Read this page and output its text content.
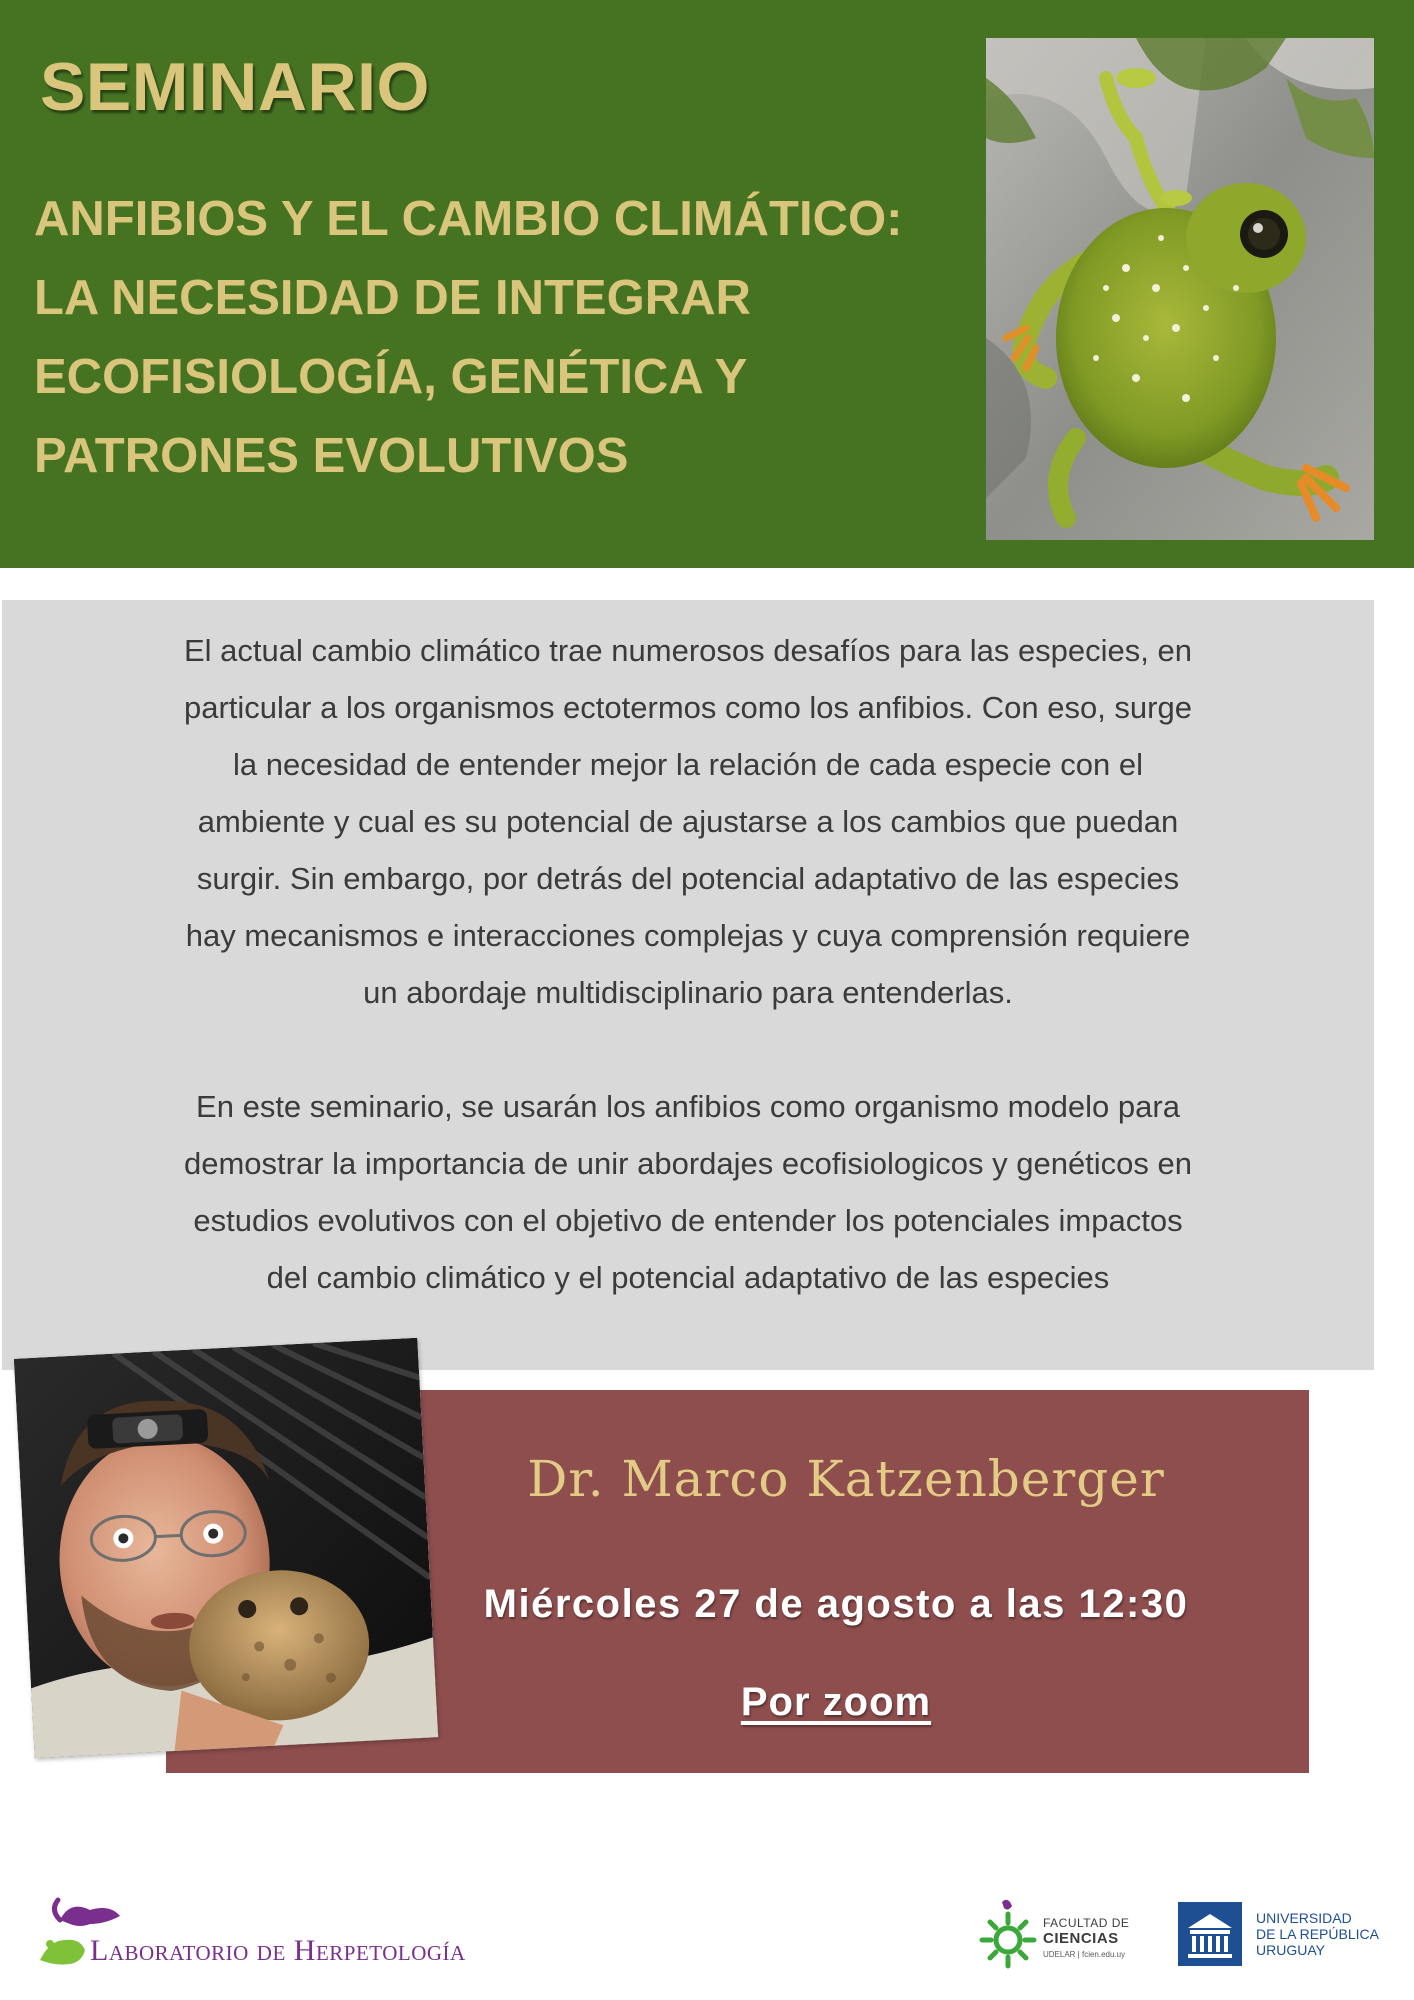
SEMINARIO
ANFIBIOS Y EL CAMBIO CLIMÁTICO:
LA NECESIDAD DE INTEGRAR
ECOFISIOLOGÍA, GENÉTICA Y
PATRONES EVOLUTIVOS
El actual cambio climático trae numerosos desafíos para las especies, en
particular a los organismos ectotermos como los anfibios. Con eso, surge
la necesidad de entender mejor la relación de cada especie con el
ambiente y cual es su potencial de ajustarse a los cambios que puedan
surgir. Sin embargo, por detrás del potencial adaptativo de las especies
hay mecanismos e interacciones complejas y cuya comprensión requiere
un abordaje multidisciplinario para entenderlas.
En este seminario, se usarán los anfibios como organismo modelo para
demostrar la importancia de unir abordajes ecofisiologicos y genéticos en
estudios evolutivos con el objetivo de entender los potenciales impactos
del cambio climático y el potencial adaptativo de las especies
Dr. Marco Katzenberger
Miércoles 27 de agosto a las 12:30
Por zoom
Laboratorio de Herpetología
FACULTAD DE
CIENCIAS
UDELAR | fcien.edu.uy
UNIVERSIDAD
DE LA REPÚBLICA
URUGUAY
